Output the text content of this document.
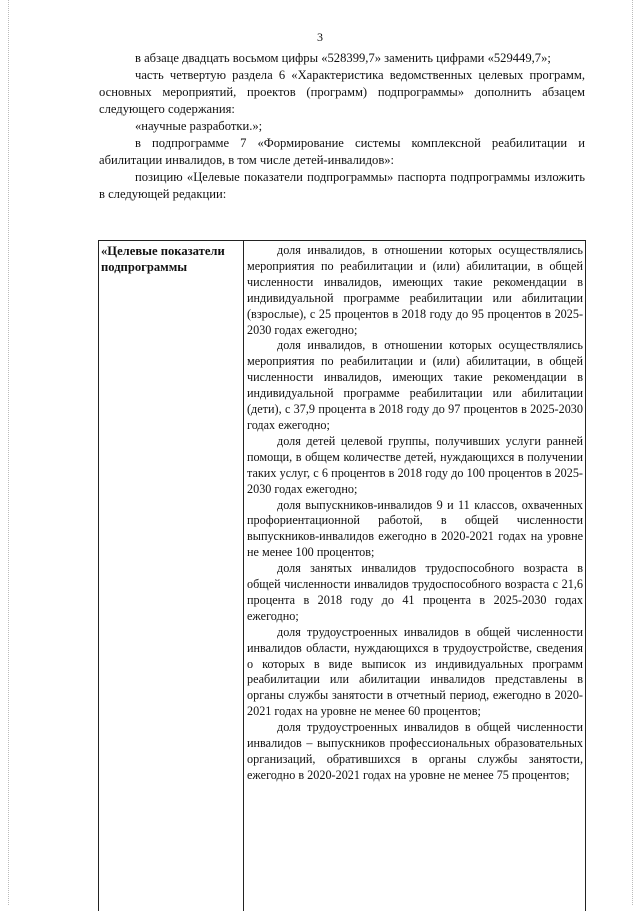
3

в абзаце двадцать восьмом цифры «528399,7» заменить цифрами «529449,7»;

часть четвертую раздела 6 «Характеристика ведомственных целевых программ, основных мероприятий, проектов (программ) подпрограммы» дополнить абзацем следующего содержания:

«научные разработки.»;

в подпрограмме 7 «Формирование системы комплексной реабилитации и абилитации инвалидов, в том числе детей-инвалидов»:

позицию «Целевые показатели подпрограммы» паспорта подпрограммы изложить в следующей редакции:

«Целевые показатели подпрограммы

доля инвалидов, в отношении которых осуществлялись мероприятия по реабилитации и (или) абилитации, в общей численности инвалидов, имеющих такие рекомендации в индивидуальной программе реабилитации или абилитации (взрослые), с 25 процентов в 2018 году до 95 процентов в 2025-2030 годах ежегодно;

доля инвалидов, в отношении которых осуществлялись мероприятия по реабилитации и (или) абилитации, в общей численности инвалидов, имеющих такие рекомендации в индивидуальной программе реабилитации или абилитации (дети), с 37,9 процента в 2018 году до 97 процентов в 2025-2030 годах ежегодно;

доля детей целевой группы, получивших услуги ранней помощи, в общем количестве детей, нуждающихся в получении таких услуг, с 6 процентов в 2018 году до 100 процентов в 2025-2030 годах ежегодно;

доля выпускников-инвалидов 9 и 11 классов, охваченных профориентационной работой, в общей численности выпускников-инвалидов ежегодно в 2020-2021 годах на уровне не менее 100 процентов;

доля занятых инвалидов трудоспособного возраста в общей численности инвалидов трудоспособного возраста с 21,6 процента в 2018 году до 41 процента в 2025-2030 годах ежегодно;

доля трудоустроенных инвалидов в общей численности инвалидов области, нуждающихся в трудоустройстве, сведения о которых в виде выписок из индивидуальных программ реабилитации или абилитации инвалидов представлены в органы службы занятости в отчетный период, ежегодно в 2020-2021 годах на уровне не менее 60 процентов;

доля трудоустроенных инвалидов в общей численности инвалидов – выпускников профессиональных образовательных организаций, обратившихся в органы службы занятости, ежегодно в 2020-2021 годах на уровне не менее 75 процентов;
